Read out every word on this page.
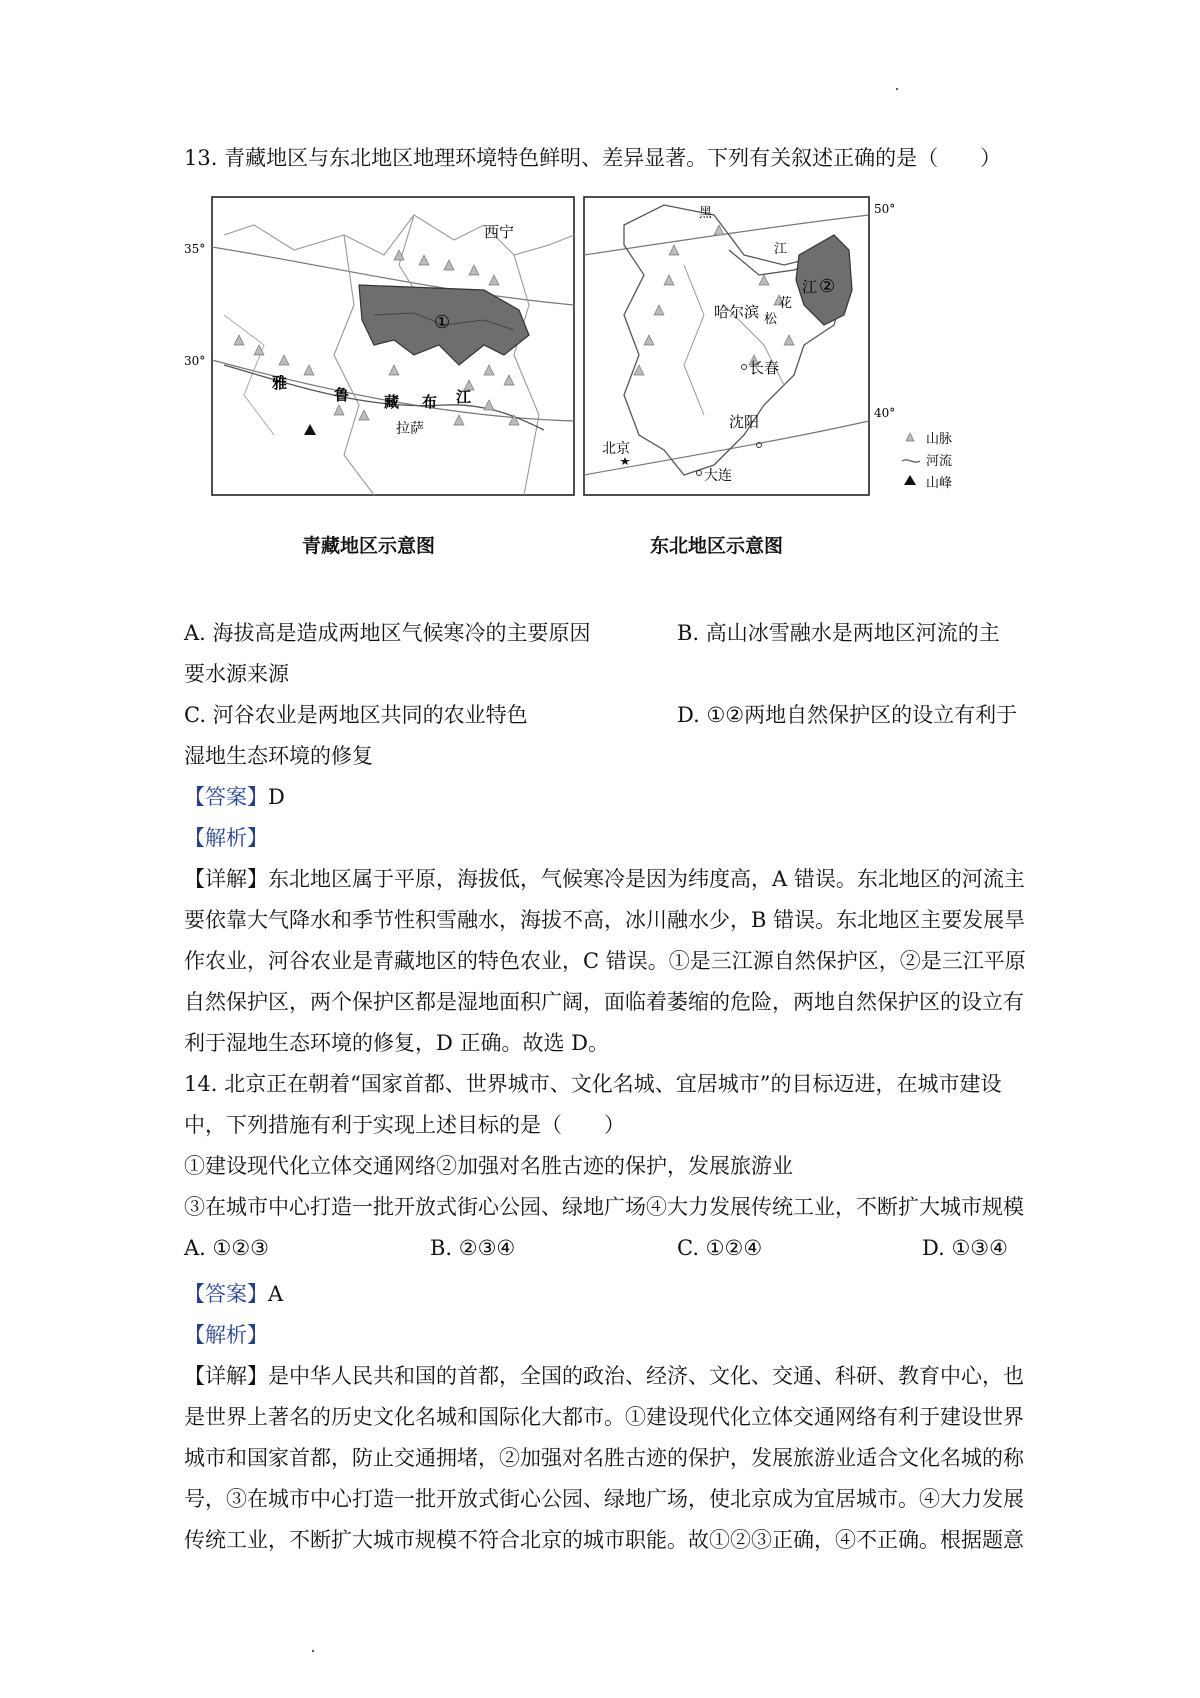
13. 青藏地区与东北地区地理环境特色鲜明、差异显著。下列有关叙述正确的是（　　）
35°
30°
西宁
①
拉萨
雅
鲁 藏 布 江
50°
40°
黑
江
花
松
哈尔滨
长春
沈阳
北京
大连
江 ②
山脉
河流
山峰
青藏地区示意图	东北地区示意图
A. 海拔高是造成两地区气候寒冷的主要原因	B. 高山冰雪融水是两地区河流的主
要水源来源
C. 河谷农业是两地区共同的农业特色	D. ①②两地自然保护区的设立有利于
湿地生态环境的修复
【答案】D
【解析】
【详解】东北地区属于平原，海拔低，气候寒冷是因为纬度高，A 错误。东北地区的河流主
要依靠大气降水和季节性积雪融水，海拔不高，冰川融水少，B 错误。东北地区主要发展旱
作农业，河谷农业是青藏地区的特色农业，C 错误。①是三江源自然保护区，②是三江平原
自然保护区，两个保护区都是湿地面积广阔，面临着萎缩的危险，两地自然保护区的设立有
利于湿地生态环境的修复，D 正确。故选 D。
14. 北京正在朝着“国家首都、世界城市、文化名城、宜居城市”的目标迈进，在城市建设
中，下列措施有利于实现上述目标的是（　　）
①建设现代化立体交通网络②加强对名胜古迹的保护，发展旅游业
③在城市中心打造一批开放式街心公园、绿地广场④大力发展传统工业，不断扩大城市规模
A. ①②③	B. ②③④	C. ①②④	D. ①③④
【答案】A
【解析】
【详解】是中华人民共和国的首都，全国的政治、经济、文化、交通、科研、教育中心，也
是世界上著名的历史文化名城和国际化大都市。①建设现代化立体交通网络有利于建设世界
城市和国家首都，防止交通拥堵，②加强对名胜古迹的保护，发展旅游业适合文化名城的称
号，③在城市中心打造一批开放式街心公园、绿地广场，使北京成为宜居城市。④大力发展
传统工业，不断扩大城市规模不符合北京的城市职能。故①②③正确，④不正确。根据题意
